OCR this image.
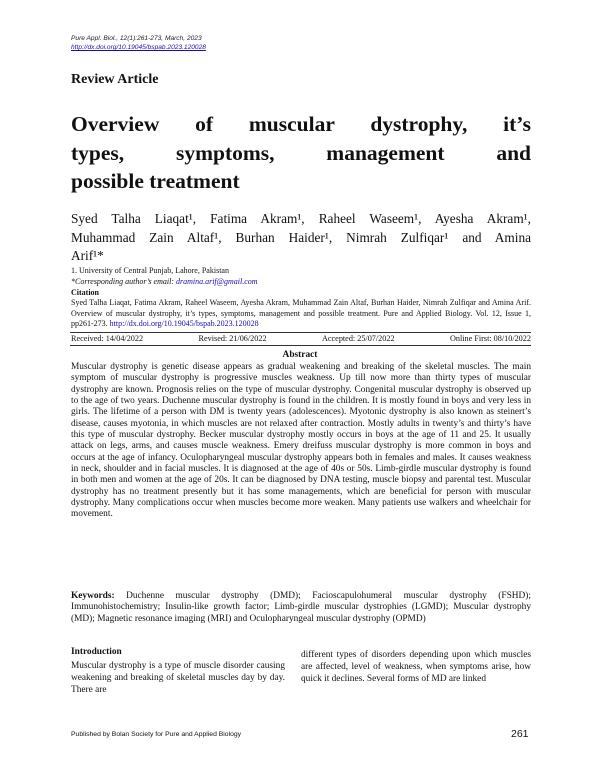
Pure Appl. Biol., 12(1):261-273, March, 2023
http://dx.doi.org/10.19045/bspab.2023.120028
Review Article
Overview of muscular dystrophy, it’s
types, symptoms, management and
possible treatment
Syed Talha Liaqat¹, Fatima Akram¹, Raheel Waseem¹, Ayesha Akram¹,
Muhammad Zain Altaf¹, Burhan Haider¹, Nimrah Zulfiqar¹ and Amina
Arif¹*
1. University of Central Punjab, Lahore, Pakistan
*Corresponding author’s email: dramina.arif@gmail.com
Citation
Syed Talha Liaqat, Fatima Akram, Raheel Waseem, Ayesha Akram, Muhammad Zain Altaf, Burhan Haider, Nimrah Zulfiqar and Amina Arif. Overview of muscular dystrophy, it’s types, symptoms, management and possible treatment. Pure and Applied Biology. Vol. 12, Issue 1, pp261-273. http://dx.doi.org/10.19045/bspab.2023.120028
Received: 14/04/2022	Revised: 21/06/2022	Accepted: 25/07/2022	Online First: 08/10/2022
Abstract
Muscular dystrophy is genetic disease appears as gradual weakening and breaking of the skeletal muscles. The main symptom of muscular dystrophy is progressive muscles weakness. Up till now more than thirty types of muscular dystrophy are known. Prognosis relies on the type of muscular dystrophy. Congenital muscular dystrophy is observed up to the age of two years. Duchenne muscular dystrophy is found in the children. It is mostly found in boys and very less in girls. The lifetime of a person with DM is twenty years (adolescences). Myotonic dystrophy is also known as steinert’s disease, causes myotonia, in which muscles are not relaxed after contraction. Mostly adults in twenty’s and thirty’s have this type of muscular dystrophy. Becker muscular dystrophy mostly occurs in boys at the age of 11 and 25. It usually attack on legs, arms, and causes muscle weakness. Emery dreifuss muscular dystrophy is more common in boys and occurs at the age of infancy. Oculopharyngeal muscular dystrophy appears both in females and males. It causes weakness in neck, shoulder and in facial muscles. It is diagnosed at the age of 40s or 50s. Limb-girdle muscular dystrophy is found in both men and women at the age of 20s. It can be diagnosed by DNA testing, muscle biopsy and parental test. Muscular dystrophy has no treatment presently but it has some managements, which are beneficial for person with muscular dystrophy. Many complications occur when muscles become more weaken. Many patients use walkers and wheelchair for movement.
Keywords: Duchenne muscular dystrophy (DMD); Facioscapulohumeral muscular dystrophy (FSHD); Immunohistochemistry; Insulin-like growth factor; Limb-girdle muscular dystrophies (LGMD); Muscular dystrophy (MD); Magnetic resonance imaging (MRI) and Oculopharyngeal muscular dystrophy (OPMD)
Introduction
Muscular dystrophy is a type of muscle disorder causing weakening and breaking of skeletal muscles day by day. There are
different types of disorders depending upon which muscles are affected, level of weakness, when symptoms arise, how quick it declines. Several forms of MD are linked
Published by Bolan Society for Pure and Applied Biology	261
